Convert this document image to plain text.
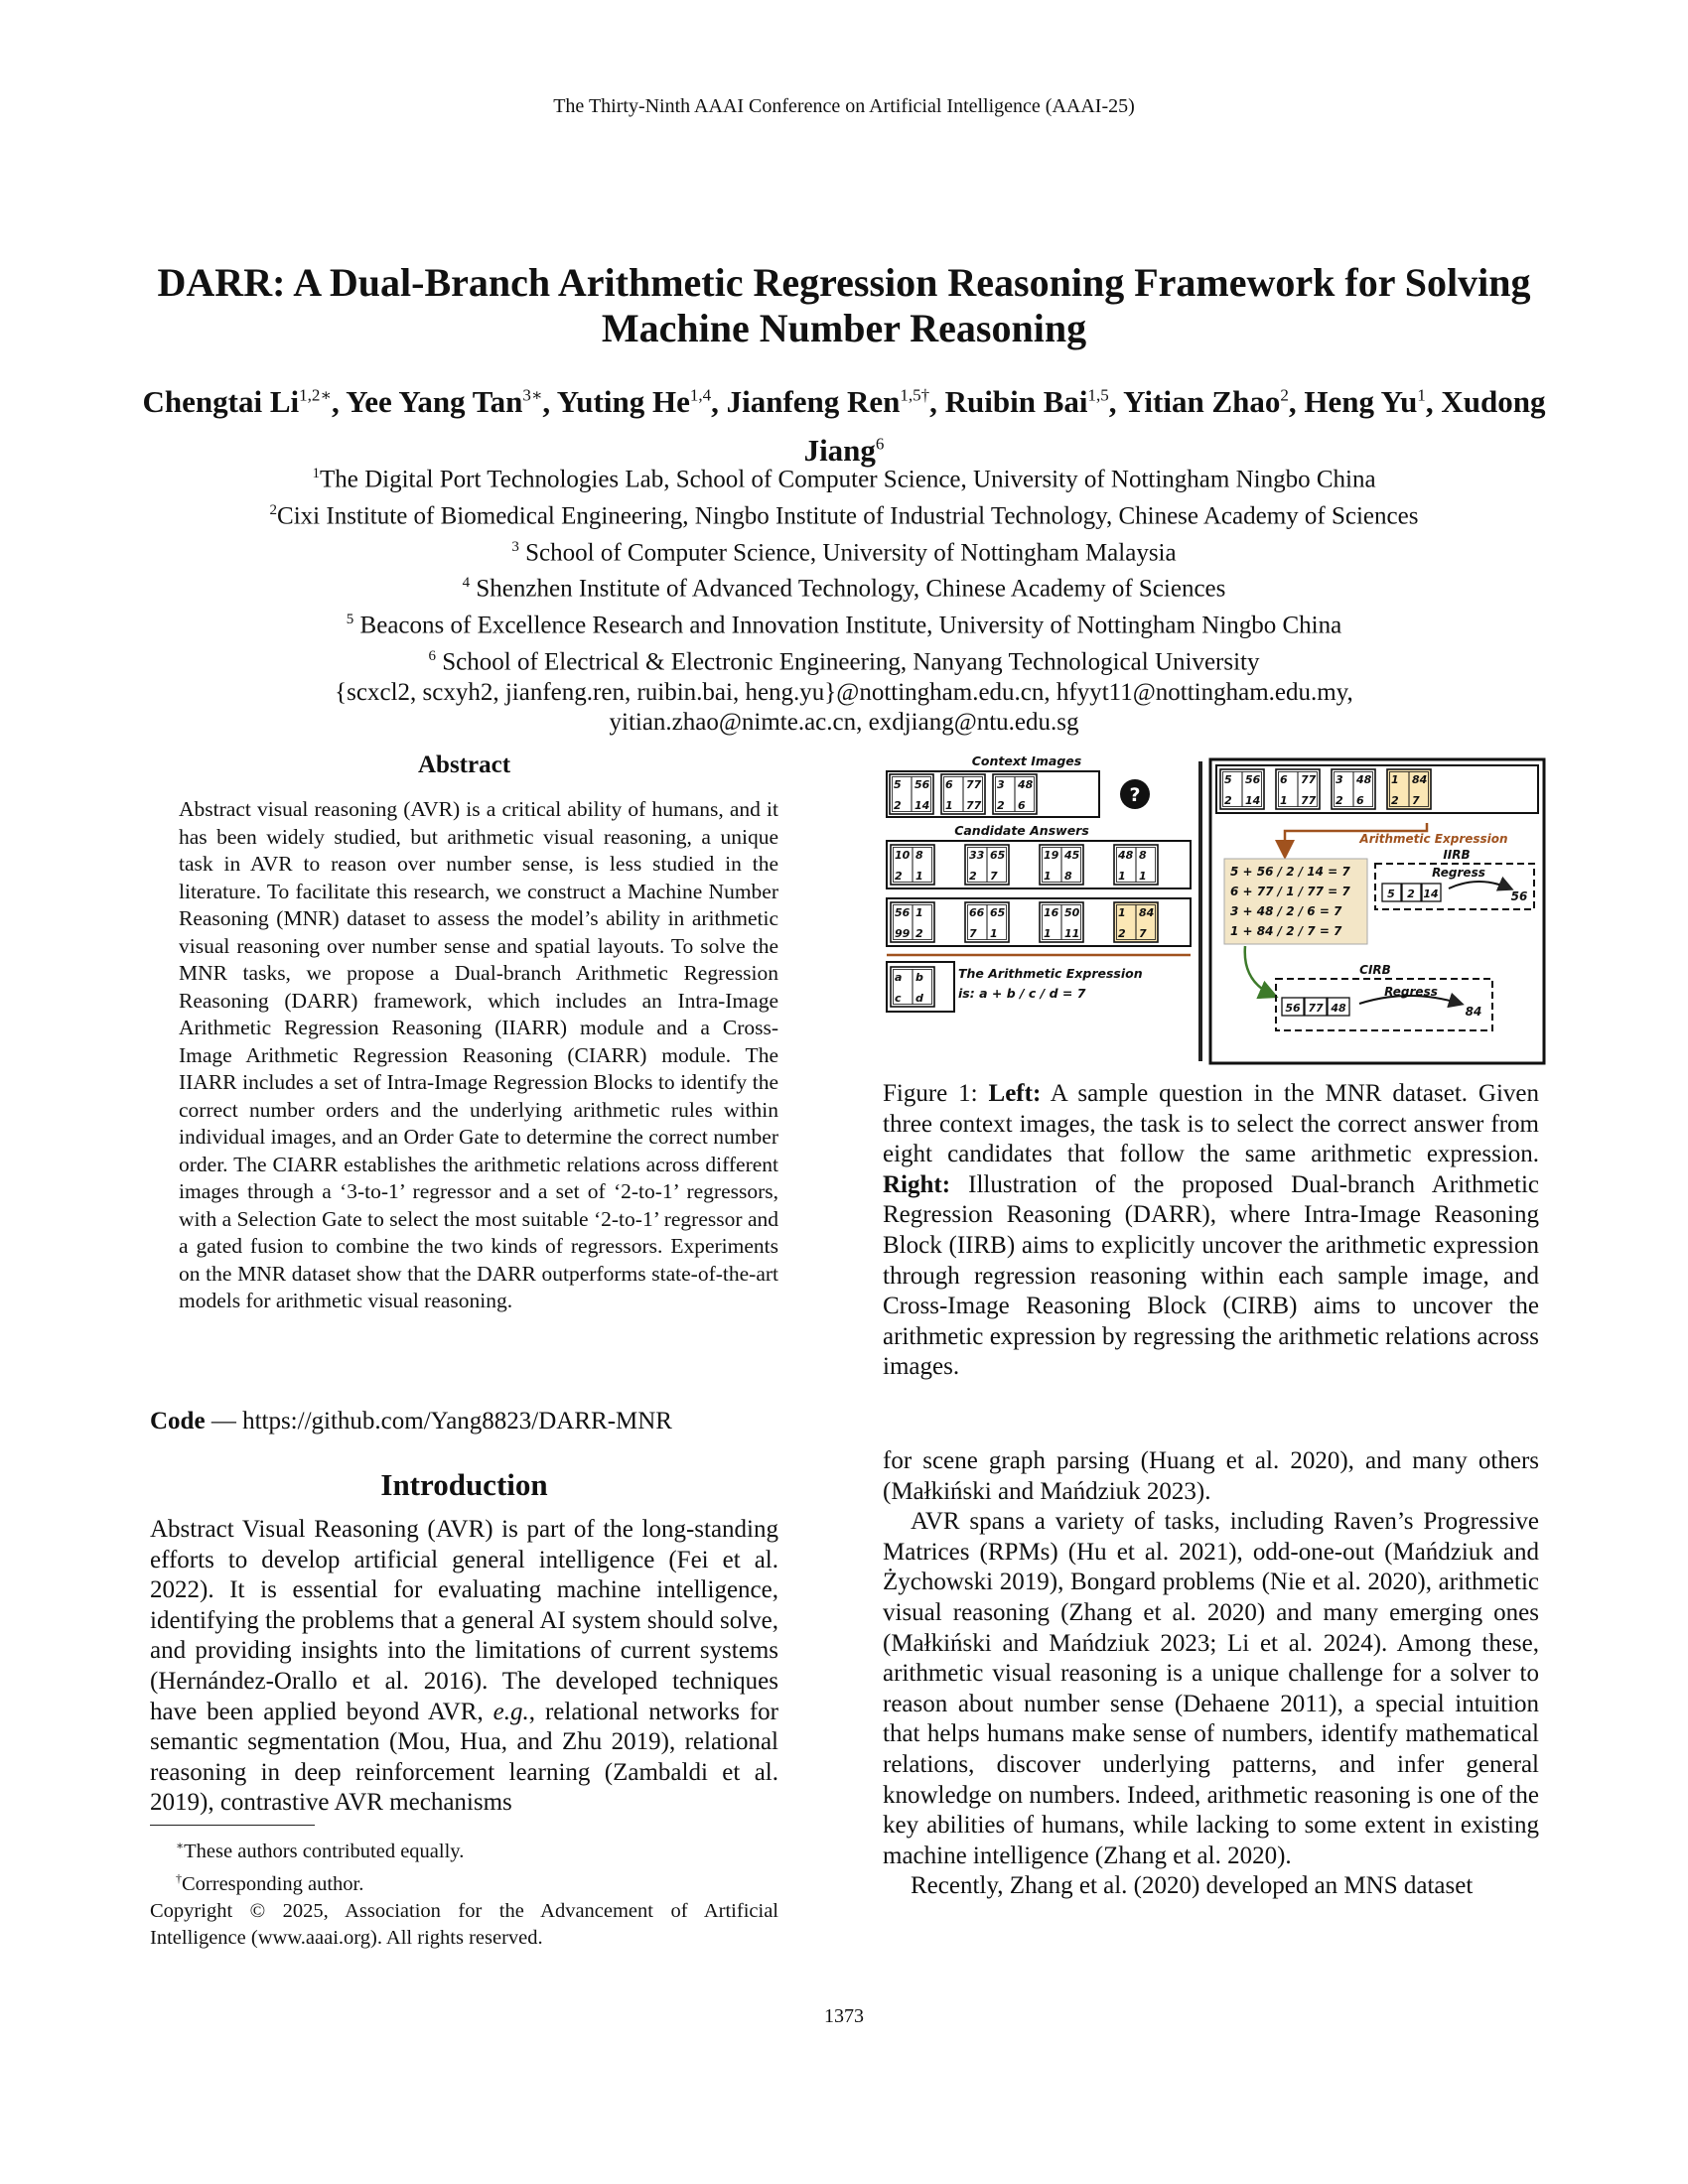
The Thirty-Ninth AAAI Conference on Artificial Intelligence (AAAI-25)
DARR: A Dual-Branch Arithmetic Regression Reasoning Framework for Solving Machine Number Reasoning
Chengtai $Li^{1,2∗}$, Yee Yang Tan$^{3∗}$, Yuting He$^{1,4}$, Jianfeng Ren$^{1,5\dagger}$, Ruibin Bai$^{1,5}$, Yitian Zhao$^2$, Heng Yu$^1$, Xudong Jiang$^6$
$^1$The Digital Port Technologies Lab, School of Computer Science, University of Nottingham Ningbo China
$^2$Cixi Institute of Biomedical Engineering, Ningbo Institute of Industrial Technology, Chinese Academy of Sciences
$^3$ School of Computer Science, University of Nottingham Malaysia
$^4$ Shenzhen Institute of Advanced Technology, Chinese Academy of Sciences
$^5$ Beacons of Excellence Research and Innovation Institute, University of Nottingham Ningbo China
$^6$ School of Electrical & Electronic Engineering, Nanyang Technological University
{scxcl2, scxyh2, jianfeng.ren, ruibin.bai, heng.yu}@nottingham.edu.cn, hfyyt11@nottingham.edu.my,
yitian.zhao@nimte.ac.cn, exdjiang@ntu.edu.sg
Abstract
Abstract visual reasoning (AVR) is a critical ability of humans, and it has been widely studied, but arithmetic visual reasoning, a unique task in AVR to reason over number sense, is less studied in the literature. To facilitate this research, we construct a Machine Number Reasoning (MNR) dataset to assess the model’s ability in arithmetic visual reasoning over number sense and spatial layouts. To solve the MNR tasks, we propose a Dual-branch Arithmetic Regression Reasoning (DARR) framework, which includes an Intra-Image Arithmetic Regression Reasoning (IIARR) module and a Cross-Image Arithmetic Regression Reasoning (CIARR) module. The IIARR includes a set of Intra-Image Regression Blocks to identify the correct number orders and the underlying arithmetic rules within individual images, and an Order Gate to determine the correct number order. The CIARR establishes the arithmetic relations across different images through a ‘3-to-1’ regressor and a set of ‘2-to-1’ regressors, with a Selection Gate to select the most suitable ‘2-to-1’ regressor and a gated fusion to combine the two kinds of regressors. Experiments on the MNR dataset show that the DARR outperforms state-of-the-art models for arithmetic visual reasoning.
Code — https://github.com/Yang8823/DARR-MNR
Introduction
Abstract Visual Reasoning (AVR) is part of the long-standing efforts to develop artificial general intelligence (Fei et al. 2022). It is essential for evaluating machine intelligence, identifying the problems that a general AI system should solve, and providing insights into the limitations of current systems (Hernández-Orallo et al. 2016). The developed techniques have been applied beyond AVR, e.g., relational networks for semantic segmentation (Mou, Hua, and Zhu 2019), relational reasoning in deep reinforcement learning (Zambaldi et al. 2019), contrastive AVR mechanisms
∗These authors contributed equally.
†Corresponding author.
Copyright © 2025, Association for the Advancement of Artificial Intelligence (www.aaai.org). All rights reserved.
Context Images
5 56
2 14
6 77
1 77
3 48
2 6	?
Candidate Answers
10 8
2 1
33 65
2 7
19 45
1 8
48 8
1 1
56 1
99 2
66 65
7 1
16 50
1 11
1 84
2 7
a b
c d
The Arithmetic Expression
is: a + b / c / d = 7
5 56
2 14
6 77
1 77
3 48
2 6
1 84
2 7
Arithmetic Expression
5 + 56 / 2 / 14 = 7
6 + 77 / 1 / 77 = 7
3 + 48 / 2 / 6 = 7
1 + 84 / 2 / 7 = 7
IIRB
Regress
5 2 14	56
CIRB
56 77 48
Regress
84
Figure 1: Left: A sample question in the MNR dataset. Given three context images, the task is to select the correct answer from eight candidates that follow the same arithmetic expression. Right: Illustration of the proposed Dual-branch Arithmetic Regression Reasoning (DARR), where Intra-Image Reasoning Block (IIRB) aims to explicitly uncover the arithmetic expression through regression reasoning within each sample image, and Cross-Image Reasoning Block (CIRB) aims to uncover the arithmetic expression by regressing the arithmetic relations across images.

for scene graph parsing (Huang et al. 2020), and many others (Małkiński and Mańdziuk 2023).

AVR spans a variety of tasks, including Raven’s Progressive Matrices (RPMs) (Hu et al. 2021), odd-one-out (Mańdziuk and Żychowski 2019), Bongard problems (Nie et al. 2020), arithmetic visual reasoning (Zhang et al. 2020) and many emerging ones (Małkiński and Mańdziuk 2023; Li et al. 2024). Among these, arithmetic visual reasoning is a unique challenge for a solver to reason about number sense (Dehaene 2011), a special intuition that helps humans make sense of numbers, identify mathematical relations, discover underlying patterns, and infer general knowledge on numbers. Indeed, arithmetic reasoning is one of the key abilities of humans, while lacking to some extent in existing machine intelligence (Zhang et al. 2020).

Recently, Zhang et al. (2020) developed an MNS dataset

1373
